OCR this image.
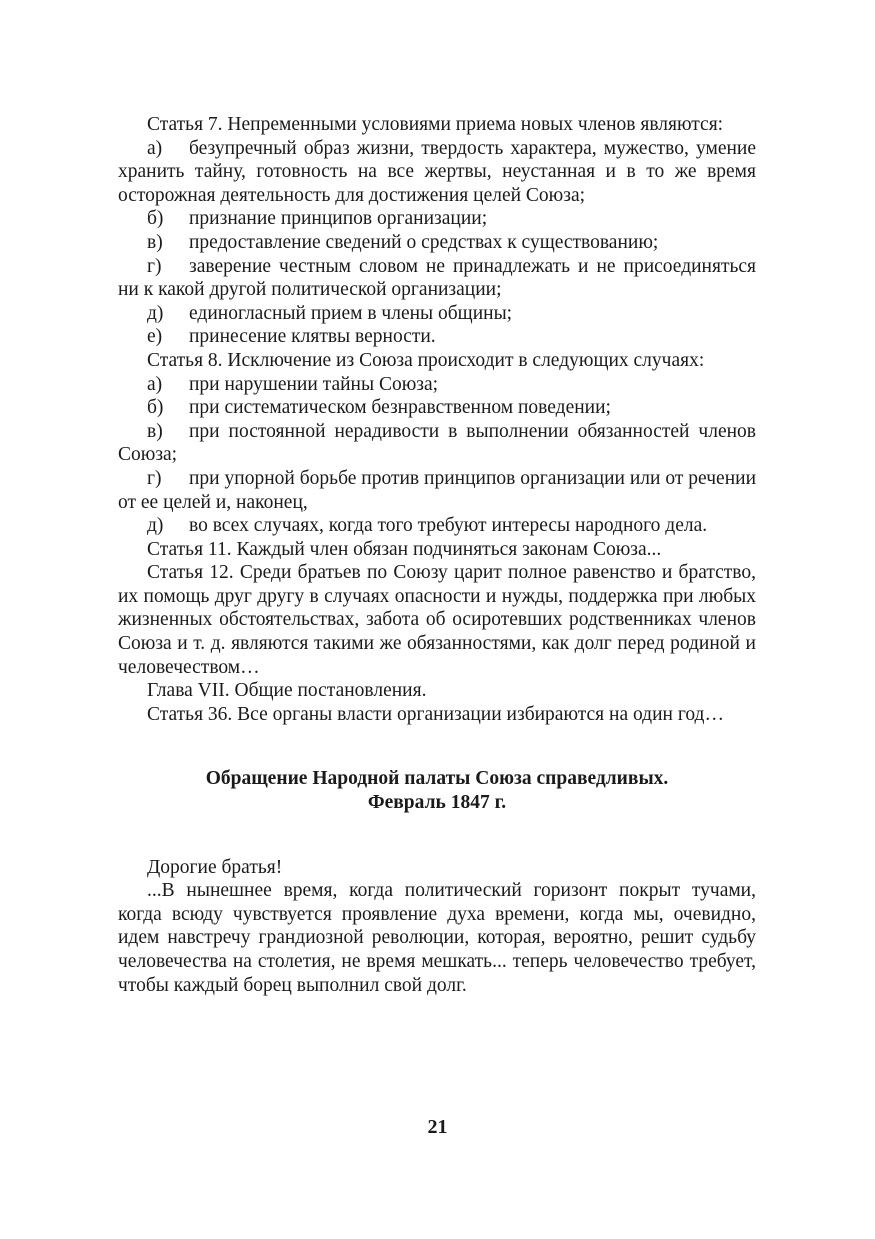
Статья 7. Непременными условиями приема новых членов являются:

а) безупречный образ жизни, твердость характера, мужество, умение хранить тайну, готовность на все жертвы, неустанная и в то же время осторожная деятельность для достижения целей Союза;

б) признание принципов организации;

в) предоставление сведений о средствах к существованию;

г) заверение честным словом не принадлежать и не присоединяться ни к какой другой политической организации;

д) единогласный прием в члены общины;

е) принесение клятвы верности.

Статья 8. Исключение из Союза происходит в следующих случаях:

а) при нарушении тайны Союза;

б) при систематическом безнравственном поведении;

в) при постоянной нерадивости в выполнении обязанностей членов Союза;

г) при упорной борьбе против принципов организации или от речении от ее целей и, наконец,

д) во всех случаях, когда того требуют интересы народного дела.

Статья 11. Каждый член обязан подчиняться законам Союза...

Статья 12. Среди братьев по Союзу царит полное равенство и братство, их помощь друг другу в случаях опасности и нужды, поддержка при любых жизненных обстоятельствах, забота об осиротевших родственниках членов Союза и т. д. являются такими же обязанностями, как долг перед родиной и человечеством…

Глава VII. Общие постановления.

Статья 36. Все органы власти организации избираются на один год…

Обращение Народной палаты Союза справедливых.
Февраль 1847 г.

Дорогие братья!

...В нынешнее время, когда политический горизонт покрыт тучами, когда всюду чувствуется проявление духа времени, когда мы, очевидно, идем навстречу грандиозной революции, которая, вероятно, решит судьбу человечества на столетия, не время мешкать... теперь человечество требует, чтобы каждый борец выполнил свой долг.

21
